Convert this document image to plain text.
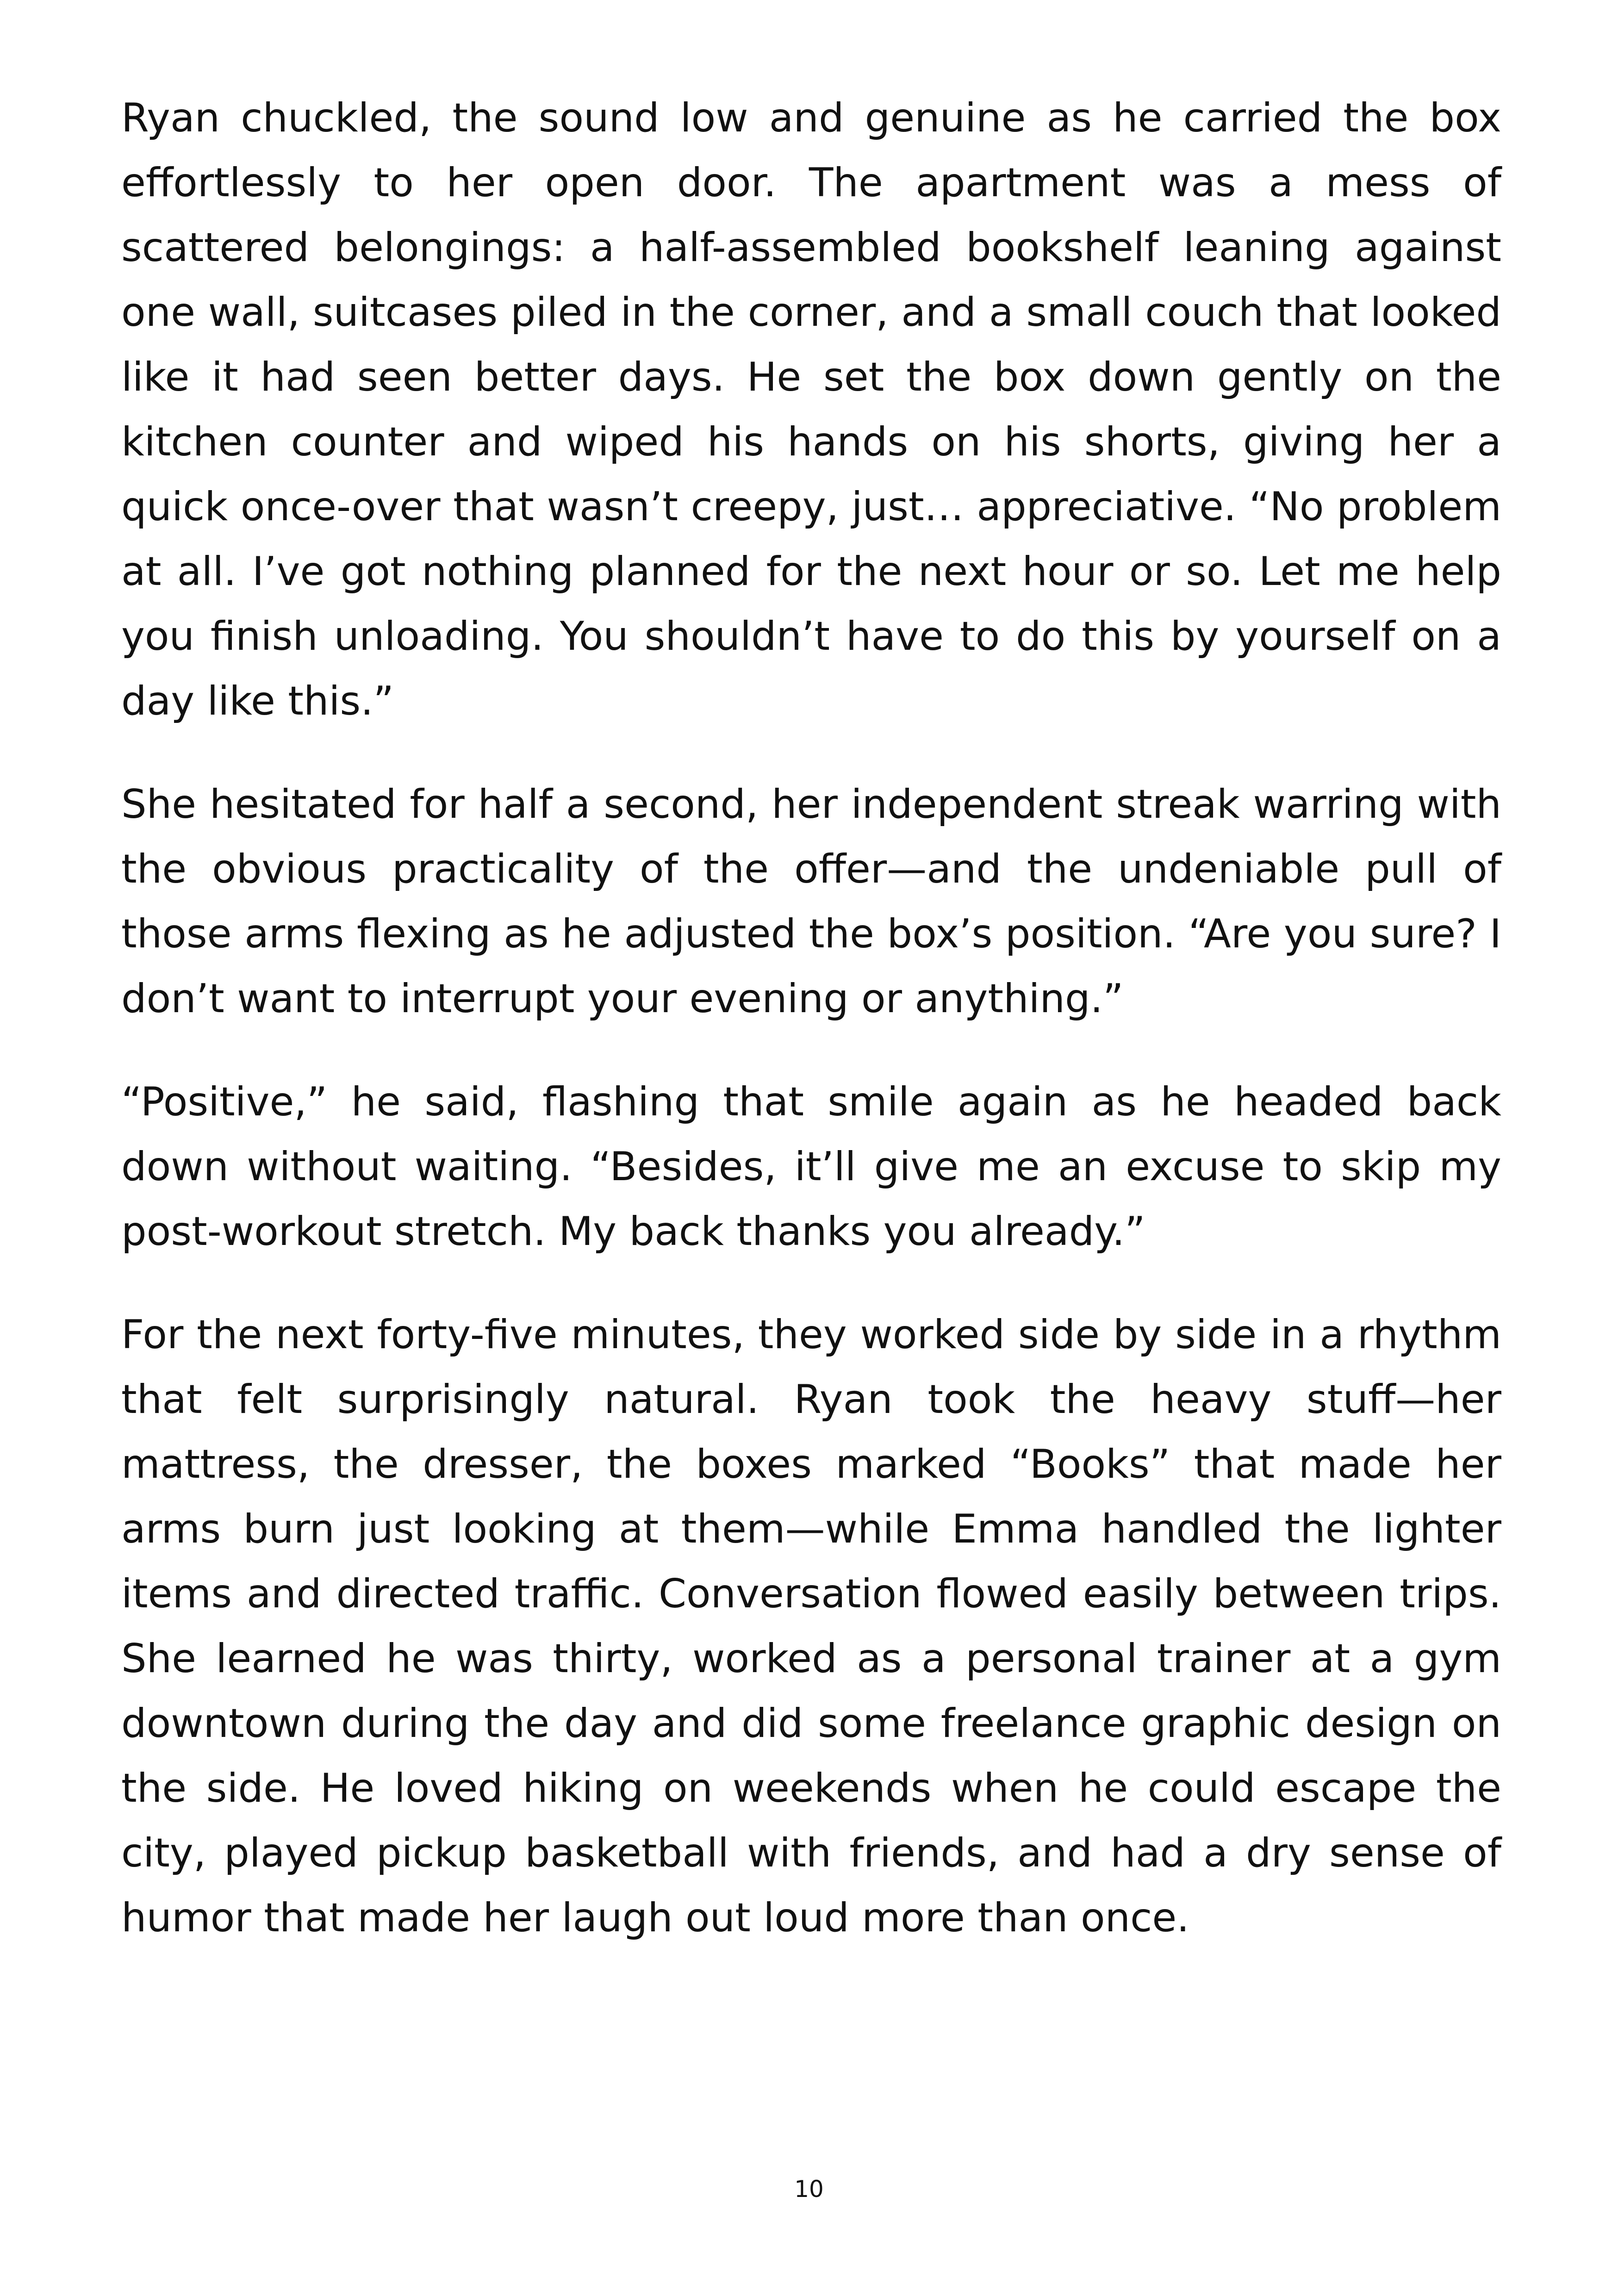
Ryan chuckled, the sound low and genuine as he carried the box effortlessly to her open door. The apartment was a mess of scattered belongings: a half-assembled bookshelf leaning against one wall, suitcases piled in the corner, and a small couch that looked like it had seen better days. He set the box down gently on the kitchen counter and wiped his hands on his shorts, giving her a quick once-over that wasn’t creepy, just… appreciative. “No problem at all. I’ve got nothing planned for the next hour or so. Let me help you finish unloading. You shouldn’t have to do this by yourself on a day like this.”

She hesitated for half a second, her independent streak warring with the obvious practicality of the offer—and the undeniable pull of those arms flexing as he adjusted the box’s position. “Are you sure? I don’t want to interrupt your evening or anything.”

“Positive,” he said, flashing that smile again as he headed back down without waiting. “Besides, it’ll give me an excuse to skip my post-workout stretch. My back thanks you already.”

For the next forty-five minutes, they worked side by side in a rhythm that felt surprisingly natural. Ryan took the heavy stuff—her mattress, the dresser, the boxes marked “Books” that made her arms burn just looking at them—while Emma handled the lighter items and directed traffic. Conversation flowed easily between trips. She learned he was thirty, worked as a personal trainer at a gym downtown during the day and did some freelance graphic design on the side. He loved hiking on weekends when he could escape the city, played pickup basketball with friends, and had a dry sense of humor that made her laugh out loud more than once.

10
